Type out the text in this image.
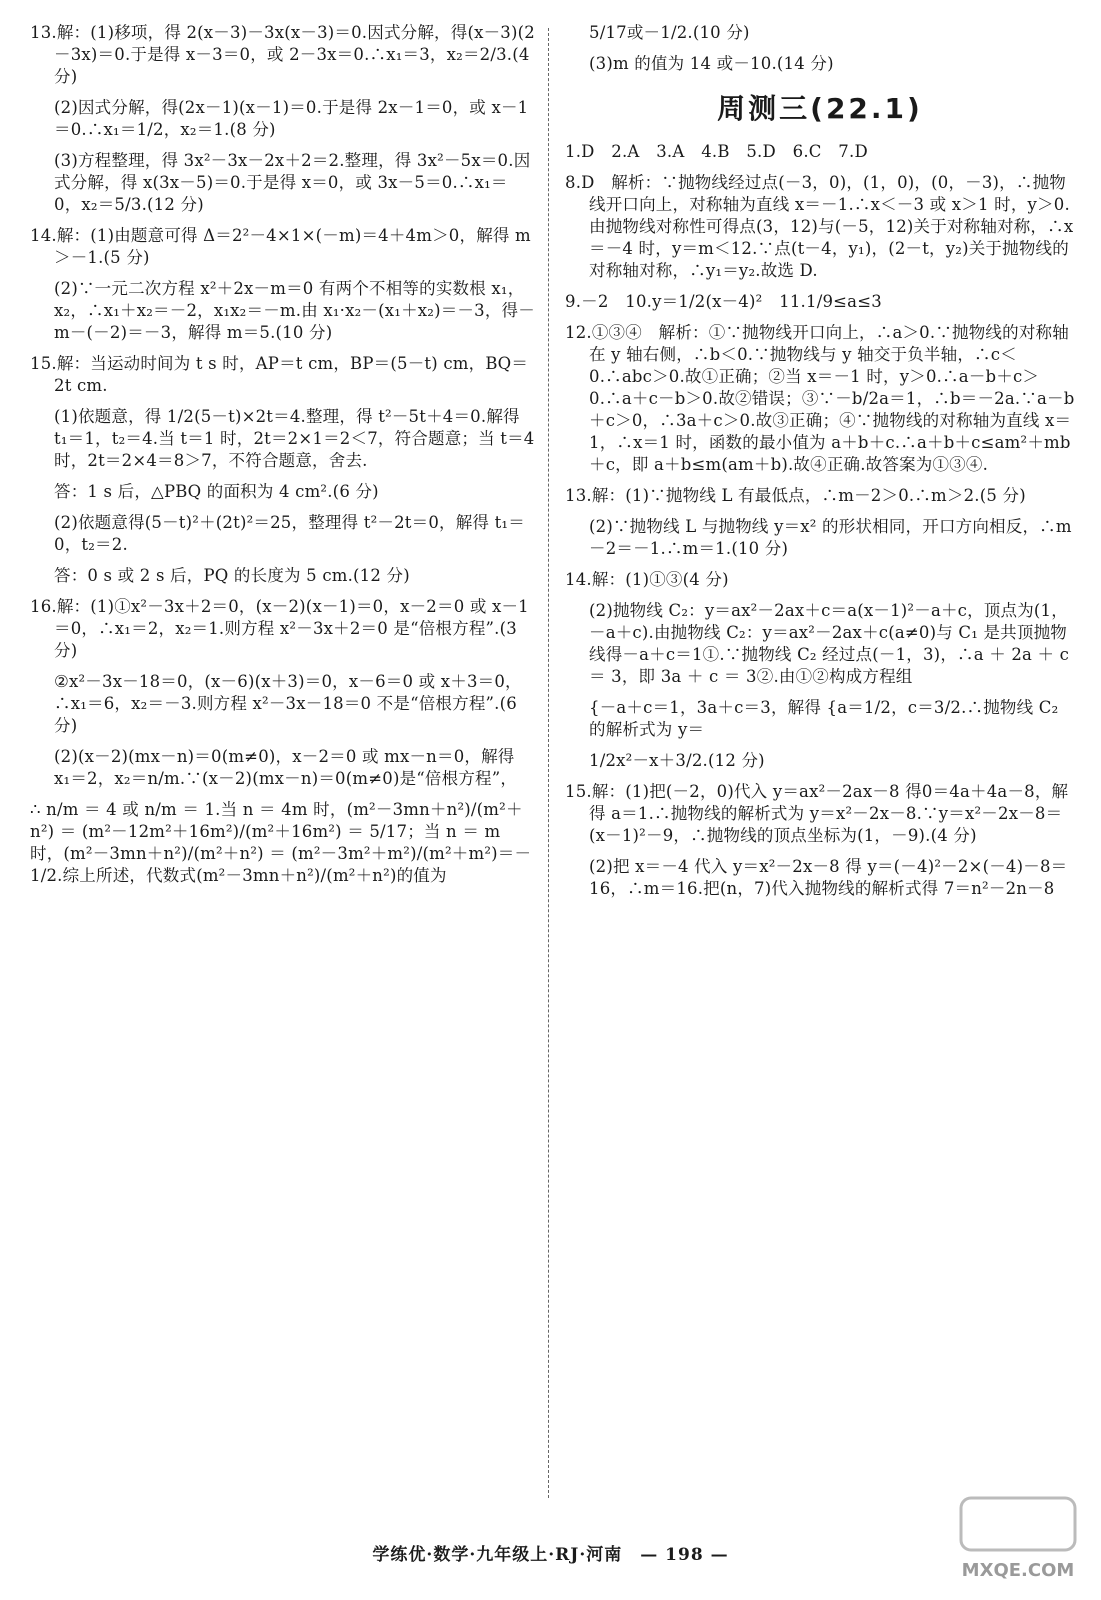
13.解：(1)移项，得 2(x－3)－3x(x－3)＝0.因式分解，得(x－3)(2－3x)＝0.于是得 x－3＝0，或 2－3x＝0.∴x₁＝3，x₂＝2/3.(4 分)

(2)因式分解，得(2x－1)(x－1)＝0.于是得 2x－1＝0，或 x－1＝0.∴x₁＝1/2，x₂＝1.(8 分)

(3)方程整理，得 3x²－3x－2x＋2＝2.整理，得 3x²－5x＝0.因式分解，得 x(3x－5)＝0.于是得 x＝0，或 3x－5＝0.∴x₁＝0，x₂＝5/3.(12 分)

14.解：(1)由题意可得 Δ＝2²－4×1×(－m)＝4＋4m＞0，解得 m＞－1.(5 分)

(2)∵一元二次方程 x²＋2x－m＝0 有两个不相等的实数根 x₁，x₂，∴x₁＋x₂＝－2，x₁x₂＝－m.由 x₁·x₂－(x₁＋x₂)＝－3，得－m－(－2)＝－3，解得 m＝5.(10 分)

15.解：当运动时间为 t s 时，AP＝t cm，BP＝(5－t) cm，BQ＝2t cm.

(1)依题意，得 1/2(5－t)×2t＝4.整理，得 t²－5t＋4＝0.解得 t₁＝1，t₂＝4.当 t＝1 时，2t＝2×1＝2＜7，符合题意；当 t＝4 时，2t＝2×4＝8＞7，不符合题意，舍去.

答：1 s 后，△PBQ 的面积为 4 cm².(6 分)

(2)依题意得(5－t)²＋(2t)²＝25，整理得 t²－2t＝0，解得 t₁＝0，t₂＝2.

答：0 s 或 2 s 后，PQ 的长度为 5 cm.(12 分)

16.解：(1)①x²－3x＋2＝0，(x－2)(x－1)＝0，x－2＝0 或 x－1＝0，∴x₁＝2，x₂＝1.则方程 x²－3x＋2＝0 是“倍根方程”.(3 分)

②x²－3x－18＝0，(x－6)(x＋3)＝0，x－6＝0 或 x＋3＝0，∴x₁＝6，x₂＝－3.则方程 x²－3x－18＝0 不是“倍根方程”.(6 分)

(2)(x－2)(mx－n)＝0(m≠0)，x－2＝0 或 mx－n＝0，解得 x₁＝2，x₂＝n/m.∵(x－2)(mx－n)＝0(m≠0)是“倍根方程”，

∴ n/m ＝ 4 或 n/m ＝ 1.当 n ＝ 4m 时，(m²－3mn＋n²)/(m²＋n²) ＝ (m²－12m²＋16m²)/(m²＋16m²) ＝ 5/17；当 n ＝ m 时，(m²－3mn＋n²)/(m²＋n²) ＝ (m²－3m²＋m²)/(m²＋m²)＝－1/2.综上所述，代数式(m²－3mn＋n²)/(m²＋n²)的值为

5/17或－1/2.(10 分)

(3)m 的值为 14 或－10.(14 分)

周测三(22.1)

1.D　2.A　3.A　4.B　5.D　6.C　7.D

8.D　解析：∵抛物线经过点(－3，0)，(1，0)，(0，－3)，∴抛物线开口向上，对称轴为直线 x＝－1.∴x＜－3 或 x＞1 时，y＞0.由抛物线对称性可得点(3，12)与(－5，12)关于对称轴对称，∴x＝－4 时，y＝m＜12.∵点(t－4，y₁)，(2－t，y₂)关于抛物线的对称轴对称，∴y₁＝y₂.故选 D.

9.－2　10.y＝1/2(x－4)²　11.1/9≤a≤3

12.①③④　解析：①∵抛物线开口向上，∴a＞0.∵抛物线的对称轴在 y 轴右侧，∴b＜0.∵抛物线与 y 轴交于负半轴，∴c＜0.∴abc＞0.故①正确；②当 x＝－1 时，y＞0.∴a－b＋c＞0.∴a＋c－b＞0.故②错误；③∵－b/2a＝1，∴b＝－2a.∵a－b＋c＞0，∴3a＋c＞0.故③正确；④∵抛物线的对称轴为直线 x＝1，∴x＝1 时，函数的最小值为 a＋b＋c.∴a＋b＋c≤am²＋mb＋c，即 a＋b≤m(am＋b).故④正确.故答案为①③④.

13.解：(1)∵抛物线 L 有最低点，∴m－2＞0.∴m＞2.(5 分)

(2)∵抛物线 L 与抛物线 y＝x² 的形状相同，开口方向相反，∴m－2＝－1.∴m＝1.(10 分)

14.解：(1)①③(4 分)

(2)抛物线 C₂：y＝ax²－2ax＋c＝a(x－1)²－a＋c，顶点为(1，－a＋c).由抛物线 C₂：y＝ax²－2ax＋c(a≠0)与 C₁ 是共顶抛物线得－a＋c＝1①.∵抛物线 C₂ 经过点(－1，3)，∴a ＋ 2a ＋ c ＝ 3，即 3a ＋ c ＝ 3②.由①②构成方程组

{－a＋c＝1，3a＋c＝3，解得 {a＝1/2，c＝3/2.∴抛物线 C₂ 的解析式为 y＝

1/2x²－x＋3/2.(12 分)

15.解：(1)把(－2，0)代入 y＝ax²－2ax－8 得0＝4a＋4a－8，解得 a＝1.∴抛物线的解析式为 y＝x²－2x－8.∵y＝x²－2x－8＝(x－1)²－9，∴抛物线的顶点坐标为(1，－9).(4 分)

(2)把 x＝－4 代入 y＝x²－2x－8 得 y＝(－4)²－2×(－4)－8＝16，∴m＝16.把(n，7)代入抛物线的解析式得 7＝n²－2n－8

学练优·数学·九年级上·RJ·河南　— 198 —
MXQE.COM
